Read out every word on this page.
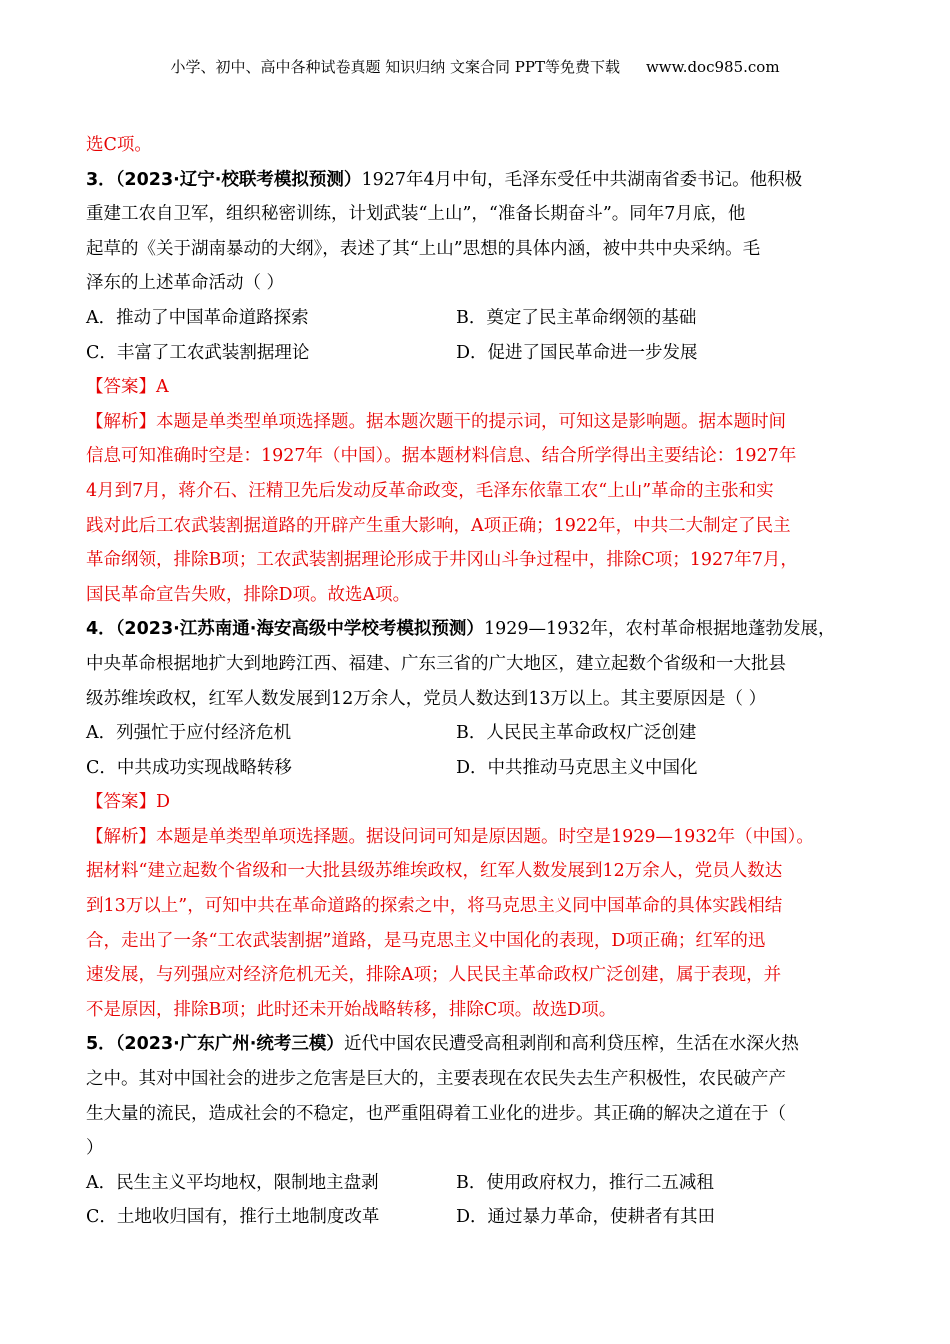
小学、初中、高中各种试卷真题 知识归纳 文案合同 PPT等免费下载 www.doc985.com
选C项。
3．（2023·辽宁·校联考模拟预测）1927年4月中旬，毛泽东受任中共湖南省委书记。他积极
重建工农自卫军，组织秘密训练，计划武装“上山”，“准备长期奋斗”。同年7月底，他
起草的《关于湖南暴动的大纲》，表述了其“上山”思想的具体内涵，被中共中央采纳。毛
泽东的上述革命活动（ ）
A．推动了中国革命道路探索	B．奠定了民主革命纲领的基础
C．丰富了工农武装割据理论	D．促进了国民革命进一步发展
【答案】A
【解析】本题是单类型单项选择题。据本题次题干的提示词，可知这是影响题。据本题时间
信息可知准确时空是：1927年（中国）。据本题材料信息、结合所学得出主要结论：1927年
4月到7月，蒋介石、汪精卫先后发动反革命政变，毛泽东依靠工农“上山”革命的主张和实
践对此后工农武装割据道路的开辟产生重大影响，A项正确；1922年，中共二大制定了民主
革命纲领，排除B项；工农武装割据理论形成于井冈山斗争过程中，排除C项；1927年7月，
国民革命宣告失败，排除D项。故选A项。
4．（2023·江苏南通·海安高级中学校考模拟预测）1929—1932年，农村革命根据地蓬勃发展，
中央革命根据地扩大到地跨江西、福建、广东三省的广大地区，建立起数个省级和一大批县
级苏维埃政权，红军人数发展到12万余人，党员人数达到13万以上。其主要原因是（ ）
A．列强忙于应付经济危机	B．人民民主革命政权广泛创建
C．中共成功实现战略转移	D．中共推动马克思主义中国化
【答案】D
【解析】本题是单类型单项选择题。据设问词可知是原因题。时空是1929—1932年（中国）。
据材料“建立起数个省级和一大批县级苏维埃政权，红军人数发展到12万余人，党员人数达
到13万以上”，可知中共在革命道路的探索之中，将马克思主义同中国革命的具体实践相结
合，走出了一条“工农武装割据”道路，是马克思主义中国化的表现，D项正确；红军的迅
速发展，与列强应对经济危机无关，排除A项；人民民主革命政权广泛创建，属于表现，并
不是原因，排除B项；此时还未开始战略转移，排除C项。故选D项。
5．（2023·广东广州·统考三模）近代中国农民遭受高租剥削和高利贷压榨，生活在水深火热
之中。其对中国社会的进步之危害是巨大的，主要表现在农民失去生产积极性，农民破产产
生大量的流民，造成社会的不稳定，也严重阻碍着工业化的进步。其正确的解决之道在于（
）
A．民生主义平均地权，限制地主盘剥	B．使用政府权力，推行二五减租
C．土地收归国有，推行土地制度改革	D．通过暴力革命，使耕者有其田
